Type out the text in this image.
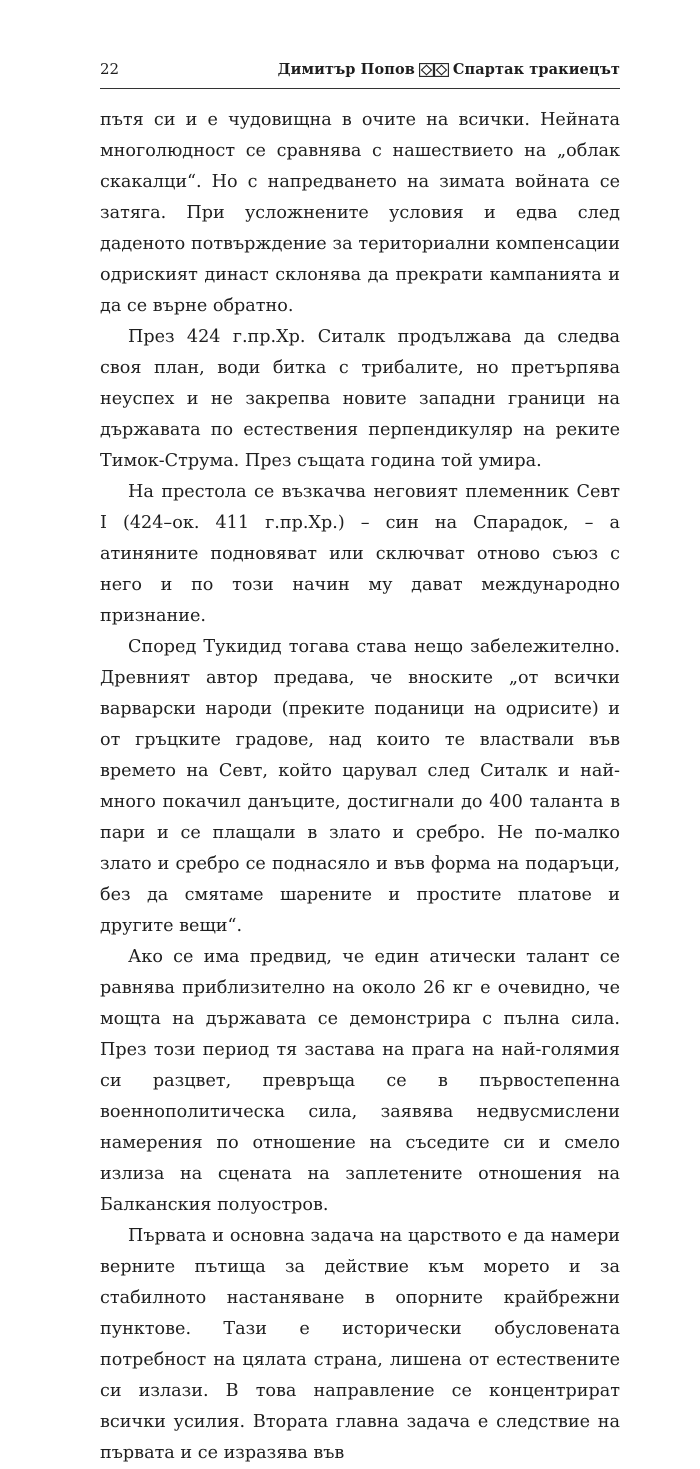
22	Димитър Попов	Спартак тракиецът

пътя си и е чудовищна в очите на всички. Нейната многолюдност се сравнява с нашествието на „облак скакалци“. Но с напредването на зимата войната се затяга. При усложнените условия и едва след даденото потвърждение за териториални компенсации одриският династ склонява да прекрати кампанията и да се върне обратно.

През 424 г.пр.Хр. Ситалк продължава да следва своя план, води битка с трибалите, но претърпява неуспех и не закрепва новите западни граници на държавата по естествения перпендикуляр на реките Тимок-Струма. През същата година той умира.

На престола се възкачва неговият племенник Севт I (424–ок. 411 г.пр.Хр.) – син на Спарадок, – а атиняните подновяват или сключват отново съюз с него и по този начин му дават международно признание.

Според Тукидид тогава става нещо забележително. Древният автор предава, че вноските „от всички варварски народи (преките поданици на одрисите) и от гръцките градове, над които те властвали във времето на Севт, който царувал след Ситалк и най-много покачил данъците, достигнали до 400 таланта в пари и се плащали в злато и сребро. Не по-малко злато и сребро се поднасяло и във форма на подаръци, без да смятаме шарените и простите платове и другите вещи“.

Ако се има предвид, че един атически талант се равнява приблизително на около 26 кг е очевидно, че мощта на държавата се демонстрира с пълна сила. През този период тя застава на прага на най-голямия си разцвет, превръща се в първостепенна военнополитическа сила, заявява недвусмислени намерения по отношение на съседите си и смело излиза на сцената на заплетените отношения на Балканския полуостров.

Първата и основна задача на царството е да намери верните пътища за действие към морето и за стабилното настаняване в опорните крайбрежни пунктове. Тази е исторически обусловената потребност на цялата страна, лишена от естествените си излази. В това направление се концентрират всички усилия. Втората главна задача е следствие на първата и се изразява във
